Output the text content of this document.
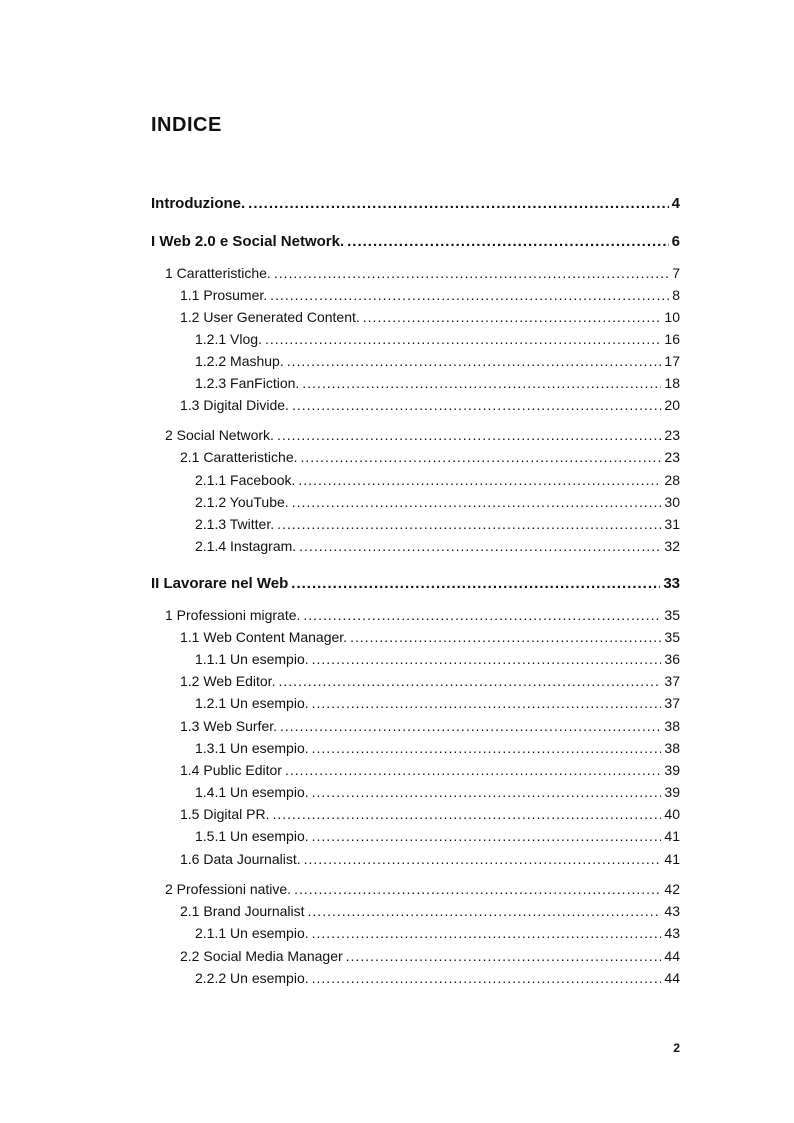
INDICE
Introduzione. .....	4
I Web 2.0 e Social Network. .....	6
1 Caratteristiche. .....	7
1.1 Prosumer. .....	8
1.2 User Generated Content. .....	10
1.2.1 Vlog. .....	16
1.2.2 Mashup. .....	17
1.2.3 FanFiction. .....	18
1.3 Digital Divide. .....	20
2 Social Network. .....	23
2.1 Caratteristiche. .....	23
2.1.1 Facebook. .....	28
2.1.2 YouTube. .....	30
2.1.3 Twitter. .....	31
2.1.4 Instagram. .....	32
II Lavorare nel Web .....	33
1 Professioni migrate. .....	35
1.1 Web Content Manager. .....	35
1.1.1 Un esempio. .....	36
1.2 Web Editor. .....	37
1.2.1 Un esempio. .....	37
1.3 Web Surfer. .....	38
1.3.1 Un esempio. .....	38
1.4 Public Editor .....	39
1.4.1 Un esempio. .....	39
1.5 Digital PR. .....	40
1.5.1 Un esempio. .....	41
1.6 Data Journalist. .....	41
2 Professioni native. .....	42
2.1 Brand Journalist .....	43
2.1.1 Un esempio. .....	43
2.2 Social Media Manager .....	44
2.2.2 Un esempio. .....	44
2
